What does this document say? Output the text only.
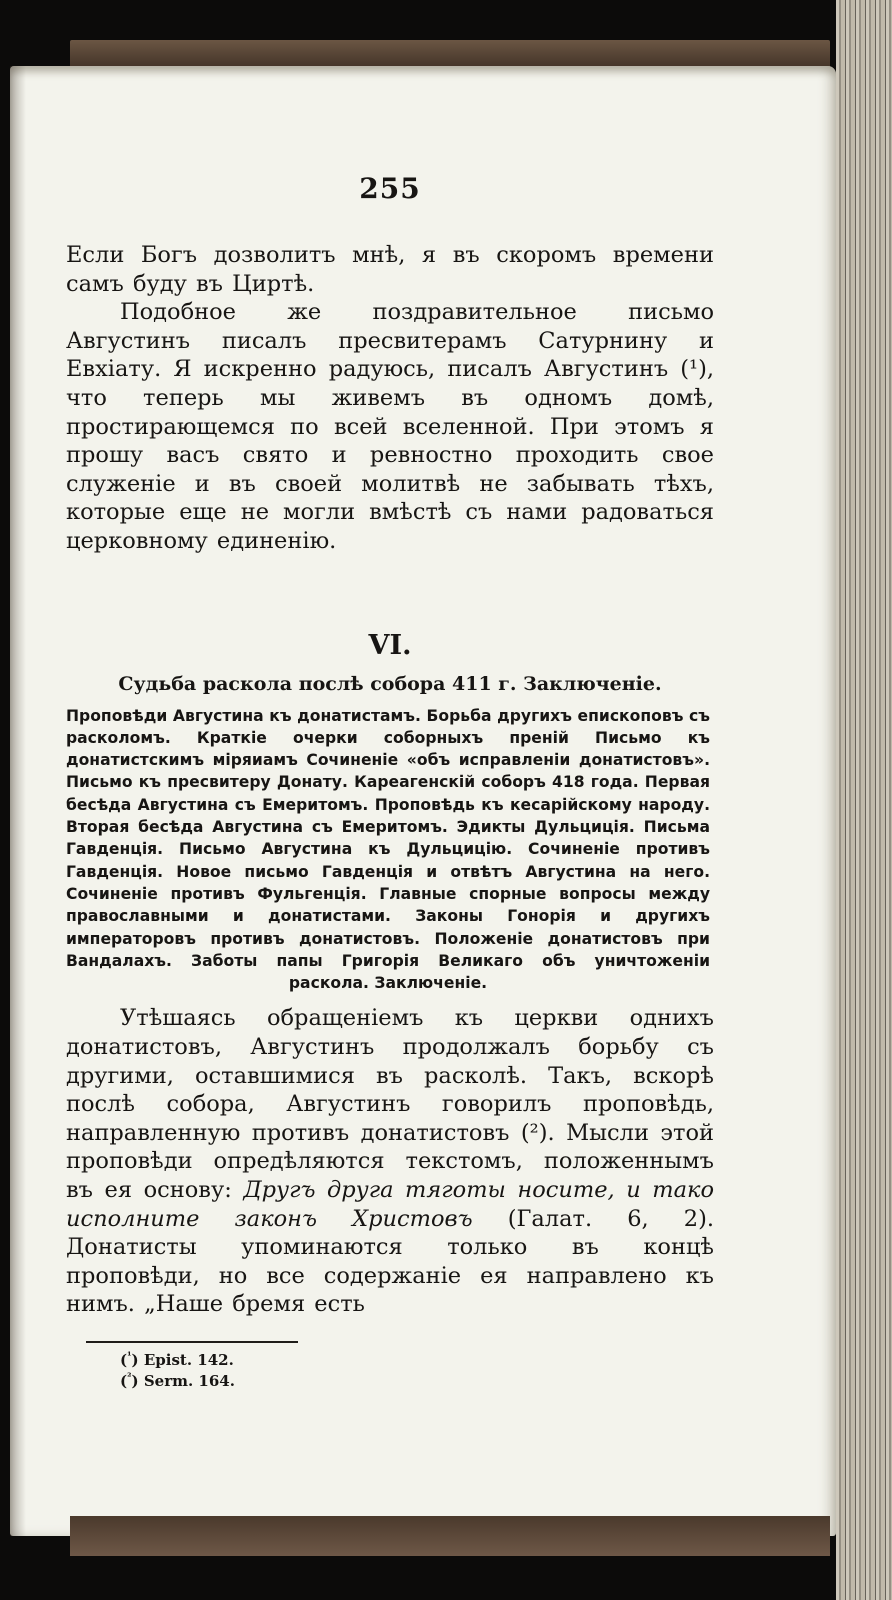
255

Если Богъ дозволитъ мнѣ, я въ скоромъ времени самъ буду въ Циртѣ.

Подобное же поздравительное письмо Августинъ писалъ пресвитерамъ Сатурнину и Евхіату. Я искренно радуюсь, писалъ Августинъ (¹), что теперь мы живемъ въ одномъ домѣ, простирающемся по всей вселенной. При этомъ я прошу васъ свято и ревностно проходить свое служеніе и въ своей молитвѣ не забывать тѣхъ, которые еще не могли вмѣстѣ съ нами радоваться церковному единенію.

VI.
Судьба раскола послѣ собора 411 г. Заключеніе.

Проповѣди Августина къ донатистамъ. Борьба другихъ епископовъ съ расколомъ. Краткіе очерки соборныхъ преній Письмо къ донатистскимъ міряиамъ Сочиненіе «объ исправленіи донатистовъ». Письмо къ пресвитеру Донату. Кареагенскій соборъ 418 года. Первая бесѣда Августина съ Емеритомъ. Проповѣдь къ кесарійскому народу. Вторая бесѣда Августина съ Емеритомъ. Эдикты Дульциція. Письма Гавденція. Письмо Августина къ Дульцицію. Сочиненіе противъ Гавденція. Новое письмо Гавденція и отвѣтъ Августина на него. Сочиненіе противъ Фульгенція. Главные спорные вопросы между православными и донатистами. Законы Гонорія и другихъ императоровъ противъ донатистовъ. Положеніе донатистовъ при Вандалахъ. Заботы папы Григорія Великаго объ уничтоженіи раскола. Заключеніе.

Утѣшаясь обращеніемъ къ церкви однихъ донатистовъ, Августинъ продолжалъ борьбу съ другими, оставшимися въ расколѣ. Такъ, вскорѣ послѣ собора, Августинъ говорилъ проповѣдь, направленную противъ донатистовъ (²). Мысли этой проповѣди опредѣляются текстомъ, положеннымъ въ ея основу: Другъ друга тяготы носите, и тако исполните законъ Христовъ (Галат. 6, 2). Донатисты упоминаются только въ концѣ проповѣди, но все содержаніе ея направлено къ нимъ. „Наше бремя есть

($^{^1}$) Epist. 142.
($^{^2}$) Serm. 164.
